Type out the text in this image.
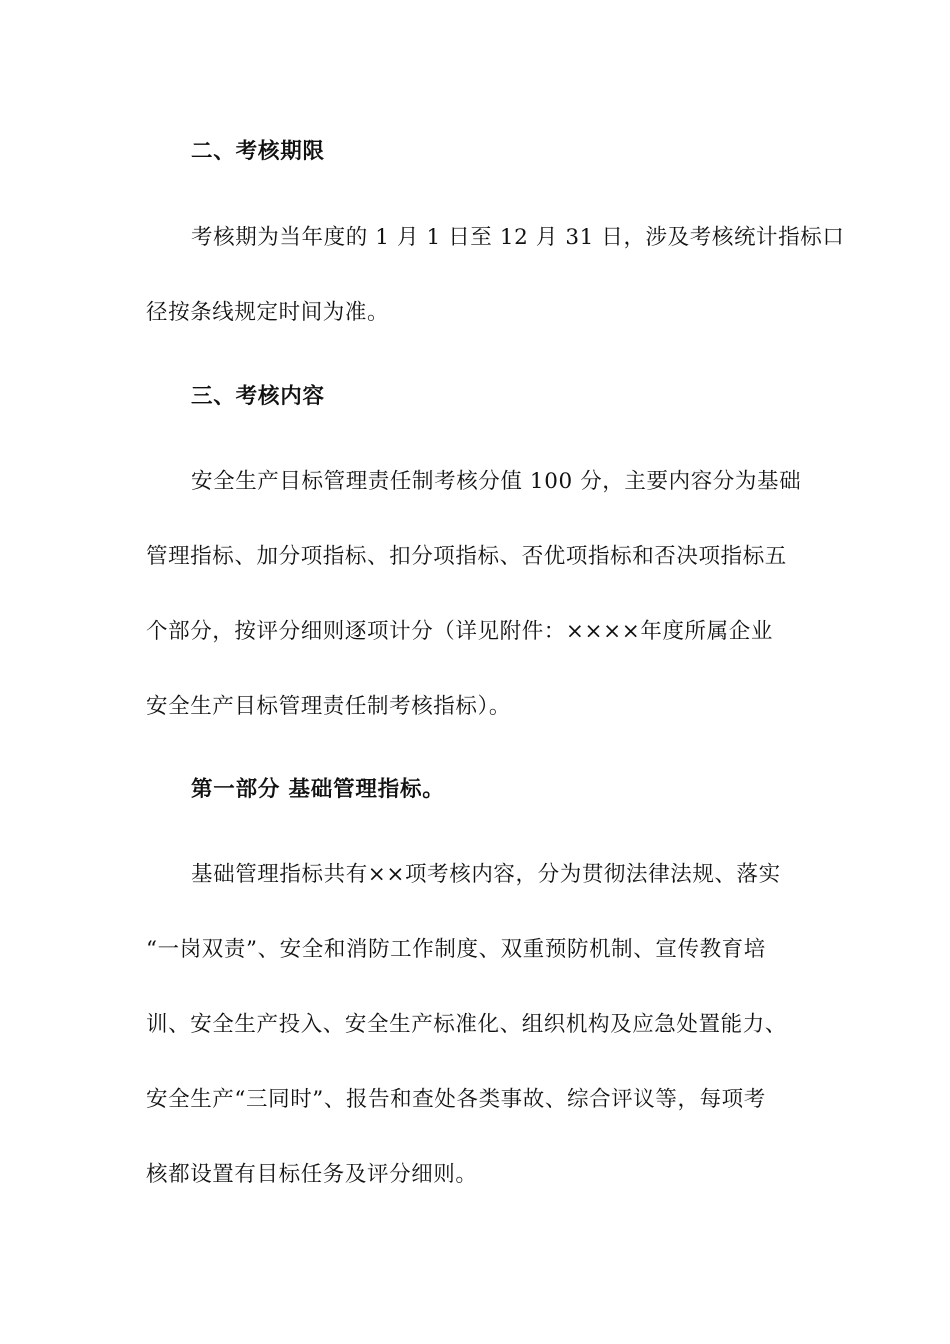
二、考核期限
考核期为当年度的 1 月 1 日至 12 月 31 日，涉及考核统计指标口
径按条线规定时间为准。
三、考核内容
安全生产目标管理责任制考核分值 100 分，主要内容分为基础
管理指标、加分项指标、扣分项指标、否优项指标和否决项指标五
个部分，按评分细则逐项计分（详见附件：××××年度所属企业
安全生产目标管理责任制考核指标）。
第一部分 基础管理指标。
基础管理指标共有××项考核内容，分为贯彻法律法规、落实
“一岗双责”、安全和消防工作制度、双重预防机制、宣传教育培
训、安全生产投入、安全生产标准化、组织机构及应急处置能力、
安全生产“三同时”、报告和查处各类事故、综合评议等，每项考
核都设置有目标任务及评分细则。
